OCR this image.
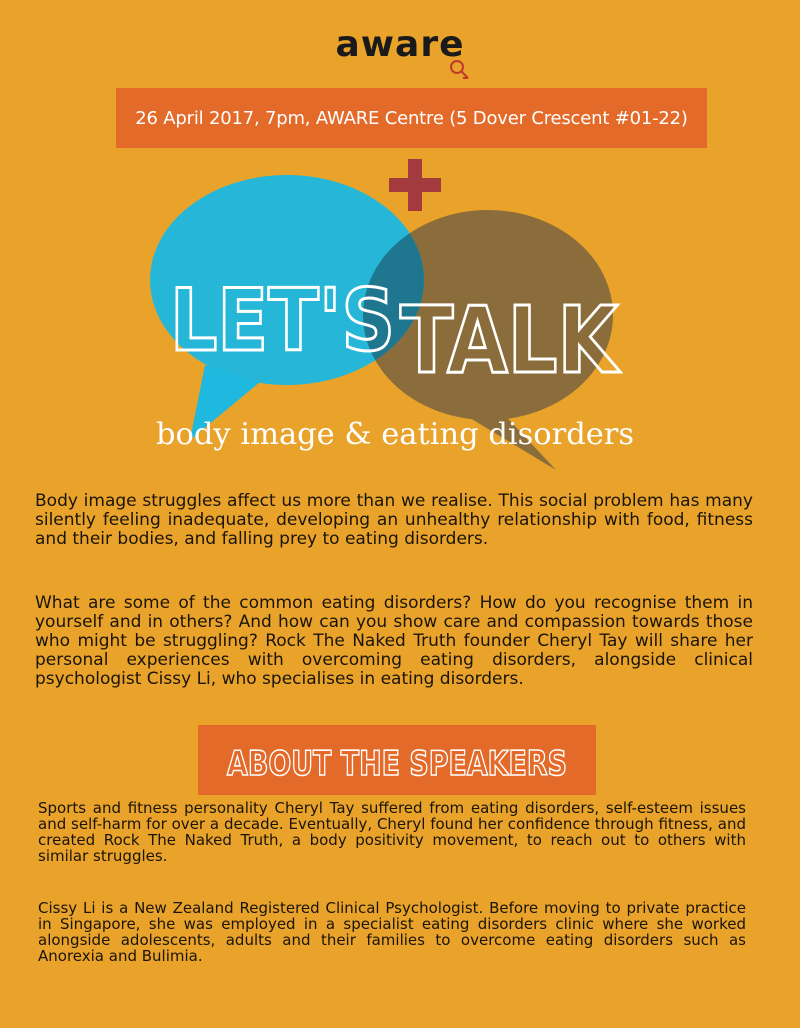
aware
26 April 2017, 7pm, AWARE Centre (5 Dover Crescent #01-22)
LET'S TALK
body image & eating disorders

Body image struggles affect us more than we realise. This social problem has many silently feeling inadequate, developing an unhealthy relationship with food, fitness and their bodies, and falling prey to eating disorders.

What are some of the common eating disorders? How do you recognise them in yourself and in others? And how can you show care and compassion towards those who might be struggling? Rock The Naked Truth founder Cheryl Tay will share her personal experiences with overcoming eating disorders, alongside clinical psychologist Cissy Li, who specialises in eating disorders.

ABOUT THE SPEAKERS

Sports and fitness personality Cheryl Tay suffered from eating disorders, self-esteem issues and self-harm for over a decade. Eventually, Cheryl found her confidence through fitness, and created Rock The Naked Truth, a body positivity movement, to reach out to others with similar struggles.

Cissy Li is a New Zealand Registered Clinical Psychologist. Before moving to private practice in Singapore, she was employed in a specialist eating disorders clinic where she worked alongside adolescents, adults and their families to overcome eating disorders such as Anorexia and Bulimia.
